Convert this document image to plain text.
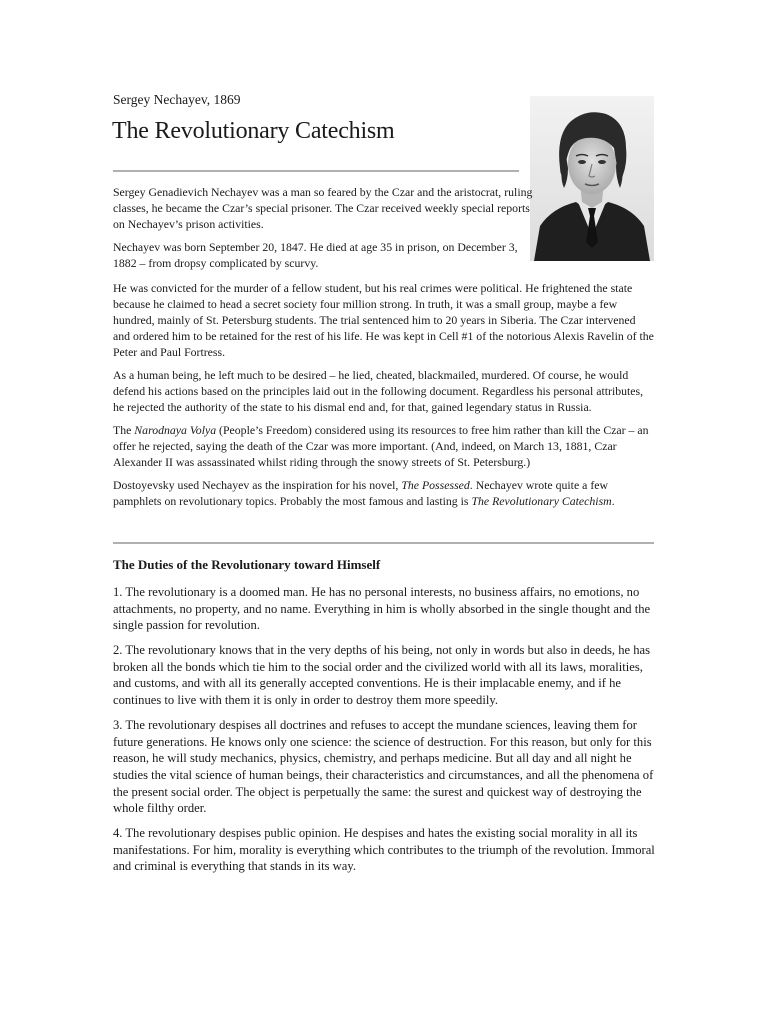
Sergey Nechayev, 1869

The Revolutionary Catechism

Sergey Genadievich Nechayev was a man so feared by the Czar and the aristocrat, ruling classes, he became the Czar’s special prisoner. The Czar received weekly special reports on Nechayev’s prison activities.

Nechayev was born September 20, 1847. He died at age 35 in prison, on December 3, 1882 – from dropsy complicated by scurvy.

He was convicted for the murder of a fellow student, but his real crimes were political. He frightened the state because he claimed to head a secret society four million strong. In truth, it was a small group, maybe a few hundred, mainly of St. Petersburg students. The trial sentenced him to 20 years in Siberia. The Czar intervened and ordered him to be retained for the rest of his life. He was kept in Cell #1 of the notorious Alexis Ravelin of the Peter and Paul Fortress.

As a human being, he left much to be desired – he lied, cheated, blackmailed, murdered. Of course, he would defend his actions based on the principles laid out in the following document. Regardless his personal attributes, he rejected the authority of the state to his dismal end and, for that, gained legendary status in Russia.

The Narodnaya Volya (People’s Freedom) considered using its resources to free him rather than kill the Czar – an offer he rejected, saying the death of the Czar was more important. (And, indeed, on March 13, 1881, Czar Alexander II was assassinated whilst riding through the snowy streets of St. Petersburg.)

Dostoyevsky used Nechayev as the inspiration for his novel, The Possessed. Nechayev wrote quite a few pamphlets on revolutionary topics. Probably the most famous and lasting is The Revolutionary Catechism.

The Duties of the Revolutionary toward Himself

1. The revolutionary is a doomed man. He has no personal interests, no business affairs, no emotions, no attachments, no property, and no name. Everything in him is wholly absorbed in the single thought and the single passion for revolution.

2. The revolutionary knows that in the very depths of his being, not only in words but also in deeds, he has broken all the bonds which tie him to the social order and the civilized world with all its laws, moralities, and customs, and with all its generally accepted conventions. He is their implacable enemy, and if he continues to live with them it is only in order to destroy them more speedily.

3. The revolutionary despises all doctrines and refuses to accept the mundane sciences, leaving them for future generations. He knows only one science: the science of destruction. For this reason, but only for this reason, he will study mechanics, physics, chemistry, and perhaps medicine. But all day and all night he studies the vital science of human beings, their characteristics and circumstances, and all the phenomena of the present social order. The object is perpetually the same: the surest and quickest way of destroying the whole filthy order.

4. The revolutionary despises public opinion. He despises and hates the existing social morality in all its manifestations. For him, morality is everything which contributes to the triumph of the revolution. Immoral and criminal is everything that stands in its way.
